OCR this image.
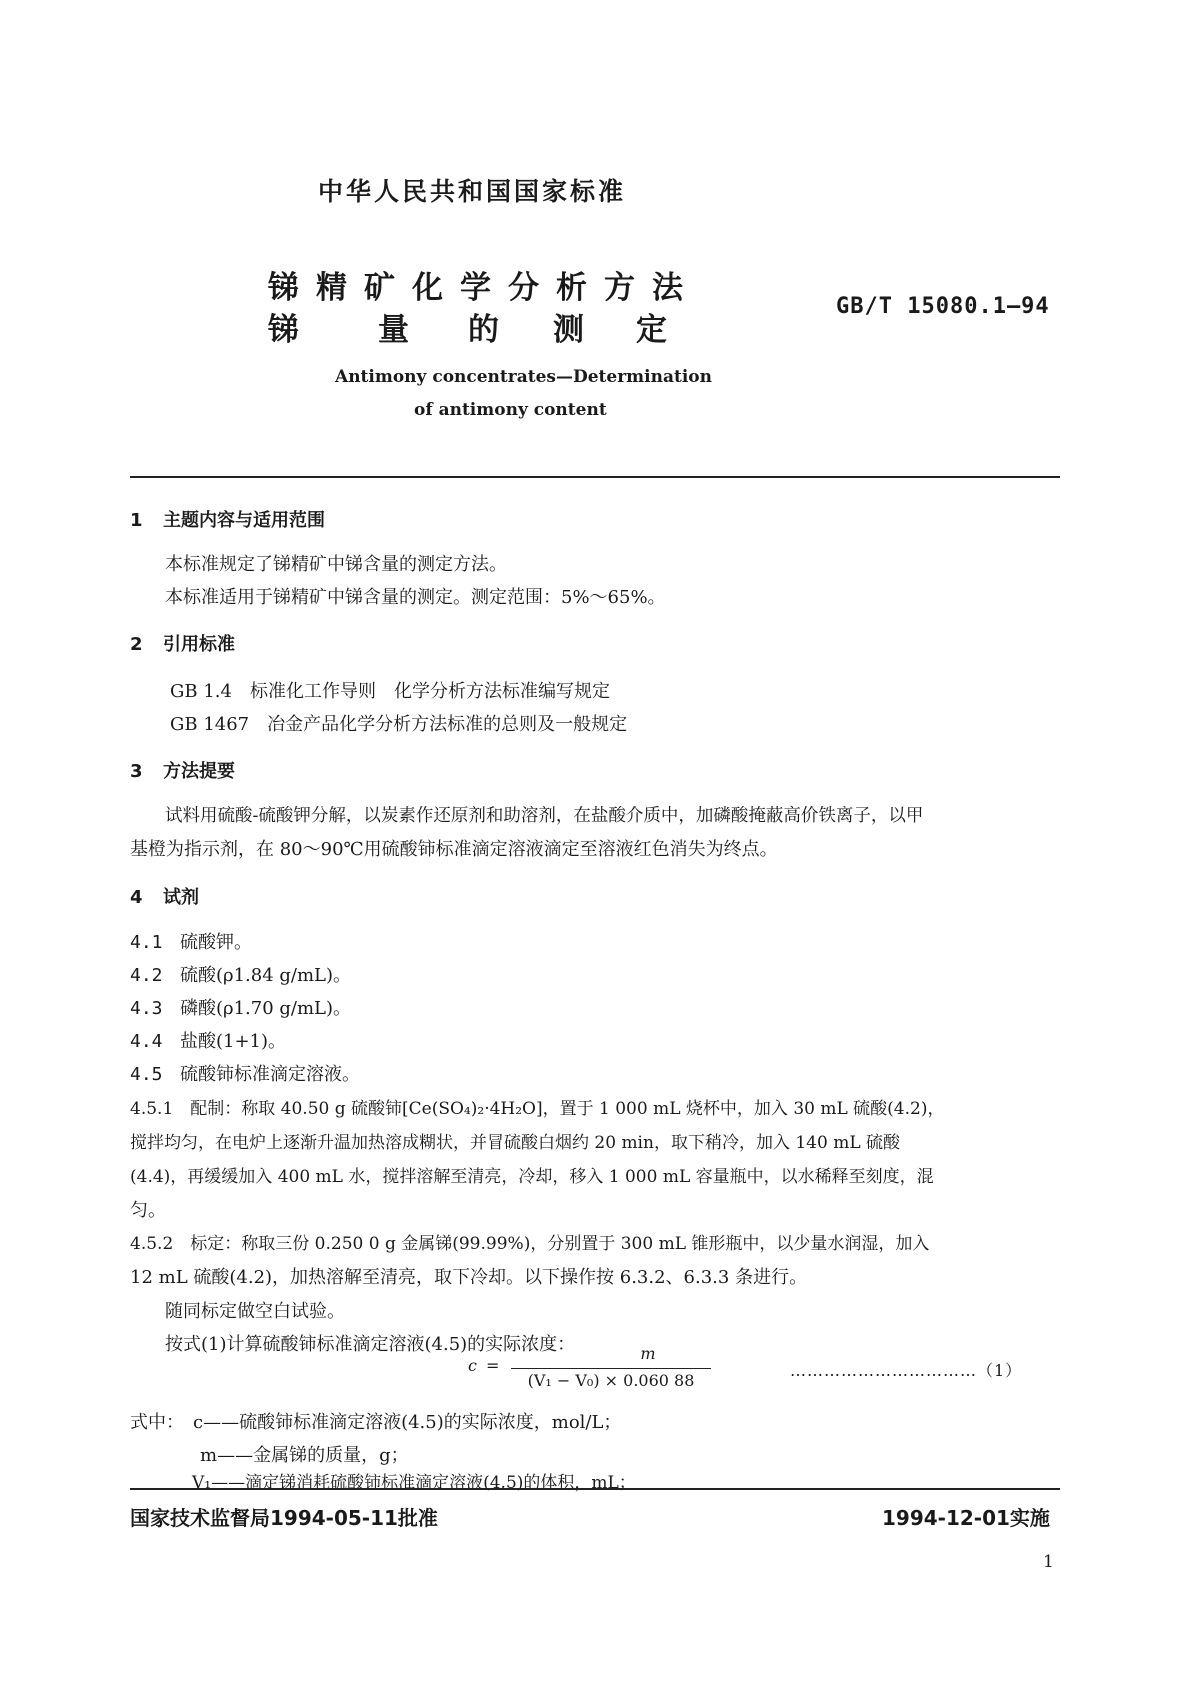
中华人民共和国国家标准
锑精矿化学分析方法
锑	量 的 测 定
GB/T 15080.1—94
Antimony concentrates—Determination
of antimony content
1 主题内容与适用范围
本标准规定了锑精矿中锑含量的测定方法。
本标准适用于锑精矿中锑含量的测定。测定范围：5%～65%。
2 引用标准
GB 1.4　标准化工作导则　化学分析方法标准编写规定
GB 1467　冶金产品化学分析方法标准的总则及一般规定
3 方法提要
试料用硫酸-硫酸钾分解，以炭素作还原剂和助溶剂，在盐酸介质中，加磷酸掩蔽高价铁离子，以甲
基橙为指示剂，在 80～90℃用硫酸铈标准滴定溶液滴定至溶液红色消失为终点。
4 试剂
4.1 硫酸钾。
4.2 硫酸(ρ1.84 g/mL)。
4.3 磷酸(ρ1.70 g/mL)。
4.4 盐酸(1+1)。
4.5 硫酸铈标准滴定溶液。
4.5.1　配制：称取 40.50 g 硫酸铈[Ce(SO₄)₂·4H₂O]，置于 1 000 mL 烧杯中，加入 30 mL 硫酸(4.2)，
搅拌均匀，在电炉上逐渐升温加热溶成糊状，并冒硫酸白烟约 20 min，取下稍冷，加入 140 mL 硫酸
(4.4)，再缓缓加入 400 mL 水，搅拌溶解至清亮，冷却，移入 1 000 mL 容量瓶中，以水稀释至刻度，混
匀。
4.5.2　标定：称取三份 0.250 0 g 金属锑(99.99%)，分别置于 300 mL 锥形瓶中，以少量水润湿，加入
12 mL 硫酸(4.2)，加热溶解至清亮，取下冷却。以下操作按 6.3.2、6.3.3 条进行。
随同标定做空白试验。
按式(1)计算硫酸铈标准滴定溶液(4.5)的实际浓度：
c =
m
(V₁ − V₀) × 0.060 88
……………………………（1）
式中：　c——硫酸铈标准滴定溶液(4.5)的实际浓度，mol/L；
m——金属锑的质量，g；
V₁——滴定锑消耗硫酸铈标准滴定溶液(4.5)的体积，mL；
国家技术监督局1994-05-11批准	1994-12-01实施
1
